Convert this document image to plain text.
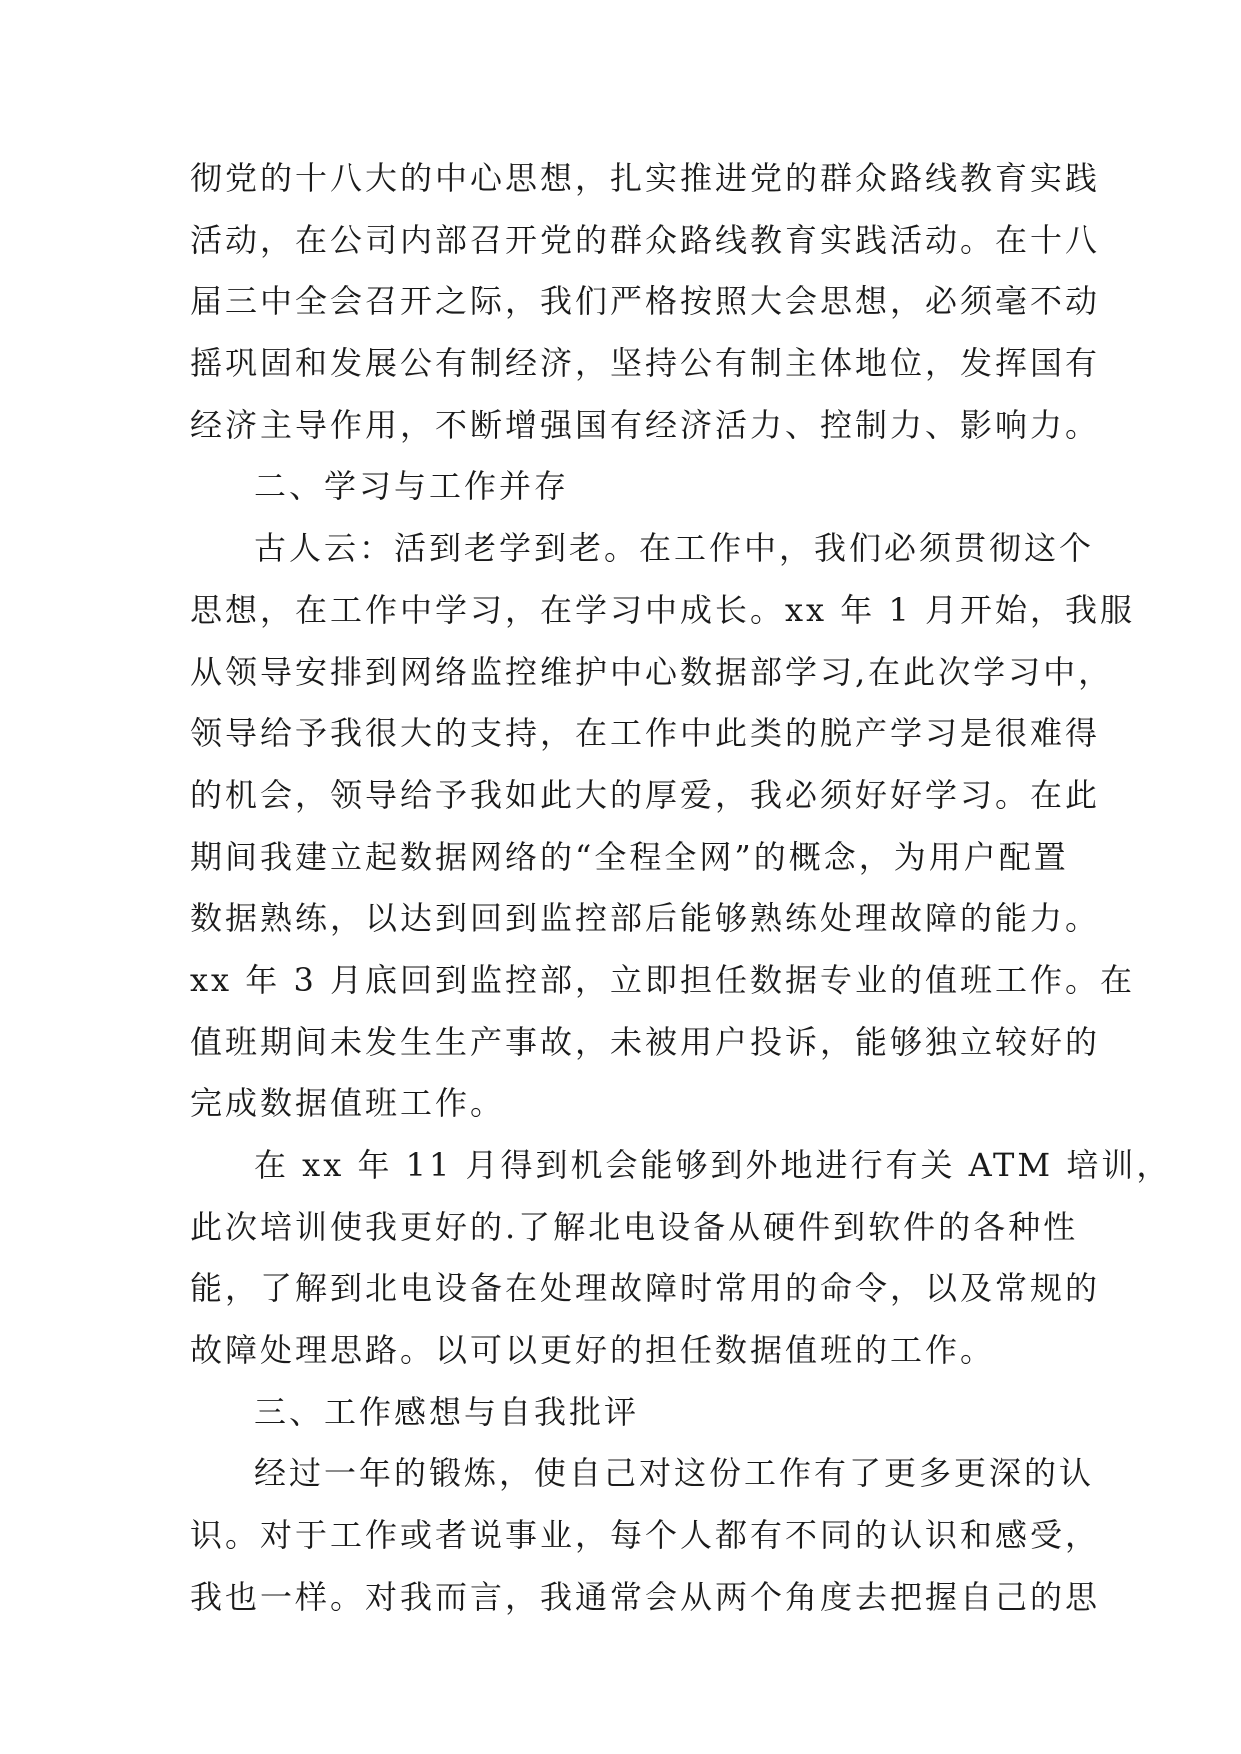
彻党的十八大的中心思想，扎实推进党的群众路线教育实践
活动，在公司内部召开党的群众路线教育实践活动。在十八
届三中全会召开之际，我们严格按照大会思想，必须毫不动
摇巩固和发展公有制经济，坚持公有制主体地位，发挥国有
经济主导作用，不断增强国有经济活力、控制力、影响力。
二、学习与工作并存
古人云：活到老学到老。在工作中，我们必须贯彻这个
思想，在工作中学习，在学习中成长。xx 年 1 月开始，我服
从领导安排到网络监控维护中心数据部学习,在此次学习中，
领导给予我很大的支持，在工作中此类的脱产学习是很难得
的机会，领导给予我如此大的厚爱，我必须好好学习。在此
期间我建立起数据网络的“全程全网”的概念，为用户配置
数据熟练，以达到回到监控部后能够熟练处理故障的能力。
xx 年 3 月底回到监控部，立即担任数据专业的值班工作。在
值班期间未发生生产事故，未被用户投诉，能够独立较好的
完成数据值班工作。
在 xx 年 11 月得到机会能够到外地进行有关 ATM 培训，
此次培训使我更好的.了解北电设备从硬件到软件的各种性
能，了解到北电设备在处理故障时常用的命令，以及常规的
故障处理思路。以可以更好的担任数据值班的工作。
三、工作感想与自我批评
经过一年的锻炼，使自己对这份工作有了更多更深的认
识。对于工作或者说事业，每个人都有不同的认识和感受，
我也一样。对我而言，我通常会从两个角度去把握自己的思
